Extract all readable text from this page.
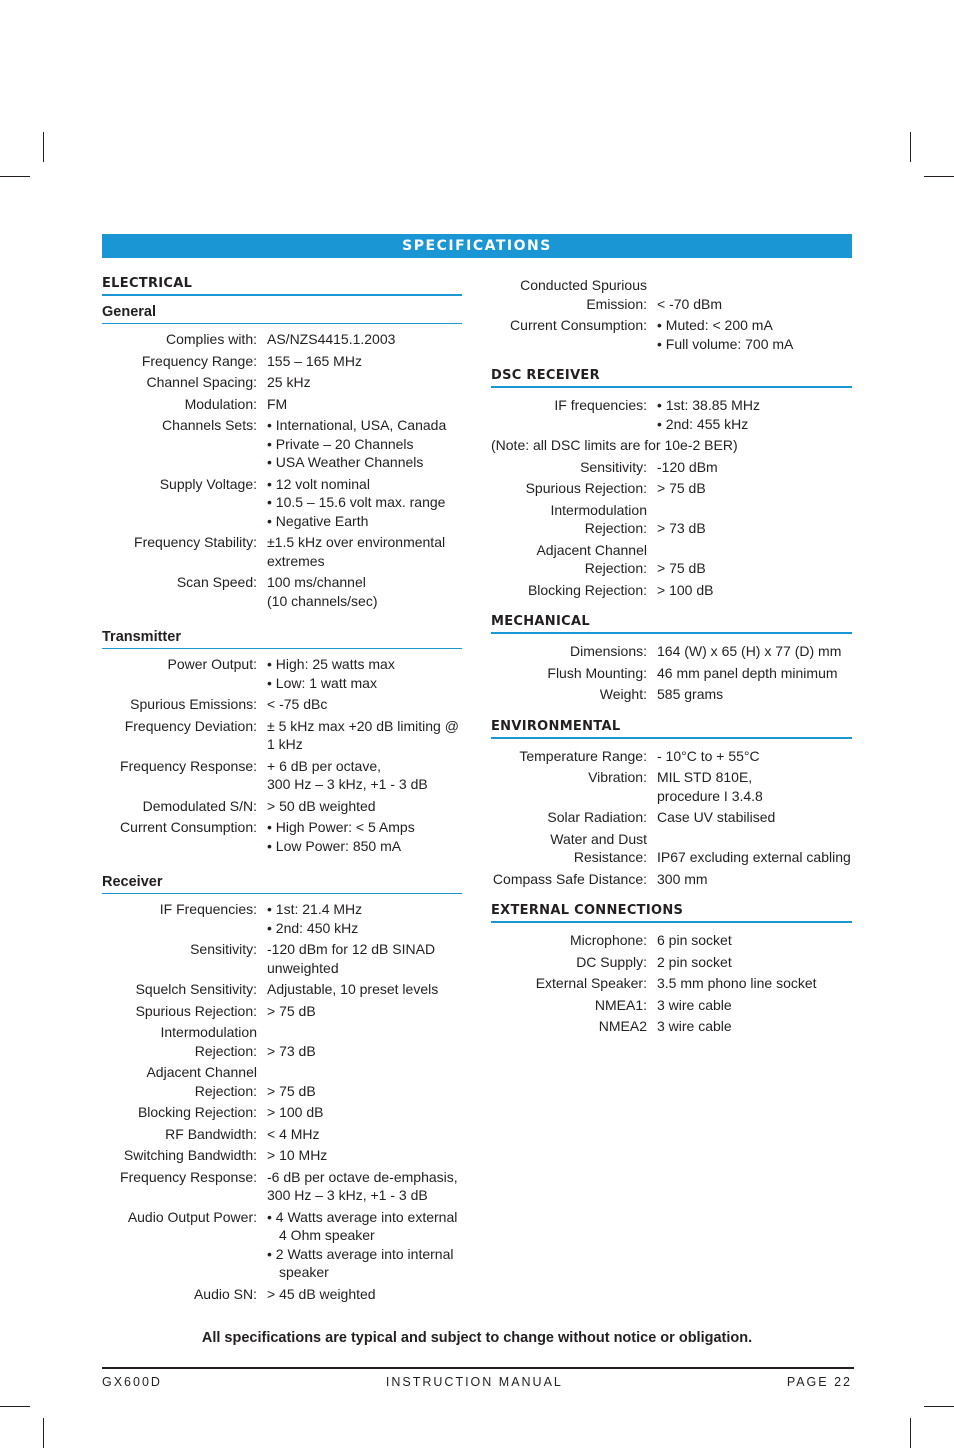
SPECIFICATIONS
ELECTRICAL
General
Complies with: AS/NZS4415.1.2003
Frequency Range: 155 – 165 MHz
Channel Spacing: 25 kHz
Modulation: FM
Channels Sets: • International, USA, Canada
• Private – 20 Channels
• USA Weather Channels
Supply Voltage: • 12 volt nominal
• 10.5 – 15.6 volt max. range
• Negative Earth
Frequency Stability: ±1.5 kHz over environmental extremes
Scan Speed: 100 ms/channel
(10 channels/sec)
Transmitter
Power Output: • High: 25 watts max
• Low: 1 watt max
Spurious Emissions: < -75 dBc
Frequency Deviation: ± 5 kHz max +20 dB limiting @ 1 kHz
Frequency Response: + 6 dB per octave,
300 Hz – 3 kHz, +1 - 3 dB
Demodulated S/N: > 50 dB weighted
Current Consumption: • High Power: < 5 Amps
• Low Power: 850 mA
Receiver
IF Frequencies: • 1st: 21.4 MHz
• 2nd: 450 kHz
Sensitivity: -120 dBm for 12 dB SINAD unweighted
Squelch Sensitivity: Adjustable, 10 preset levels
Spurious Rejection: > 75 dB
Intermodulation
Rejection:
> 73 dB
Adjacent Channel
Rejection:
> 75 dB
Blocking Rejection: > 100 dB
RF Bandwidth: < 4 MHz
Switching Bandwidth: > 10 MHz
Frequency Response: -6 dB per octave de-emphasis,
300 Hz – 3 kHz, +1 - 3 dB
Audio Output Power: • 4 Watts average into external 4 Ohm speaker
• 2 Watts average into internal speaker
Audio SN: > 45 dB weighted
Conducted Spurious
Emission:
< -70 dBm
Current Consumption: • Muted: < 200 mA
• Full volume: 700 mA
DSC RECEIVER
IF frequencies: • 1st: 38.85 MHz
• 2nd: 455 kHz
(Note: all DSC limits are for 10e-2 BER)
Sensitivity: -120 dBm
Spurious Rejection: > 75 dB
Intermodulation
Rejection:
> 73 dB
Adjacent Channel
Rejection:
> 75 dB
Blocking Rejection: > 100 dB
MECHANICAL
Dimensions: 164 (W) x 65 (H) x 77 (D) mm
Flush Mounting: 46 mm panel depth minimum
Weight: 585 grams
ENVIRONMENTAL
Temperature Range: - 10°C to + 55°C
Vibration: MIL STD 810E,
procedure I 3.4.8
Solar Radiation: Case UV stabilised
Water and Dust
Resistance:
IP67 excluding external cabling
Compass Safe Distance: 300 mm
EXTERNAL CONNECTIONS
Microphone: 6 pin socket
DC Supply: 2 pin socket
External Speaker: 3.5 mm phono line socket
NMEA1: 3 wire cable
NMEA2 3 wire cable
All specifications are typical and subject to change without notice or obligation.
GX600D	INSTRUCTION MANUAL	PAGE 22
